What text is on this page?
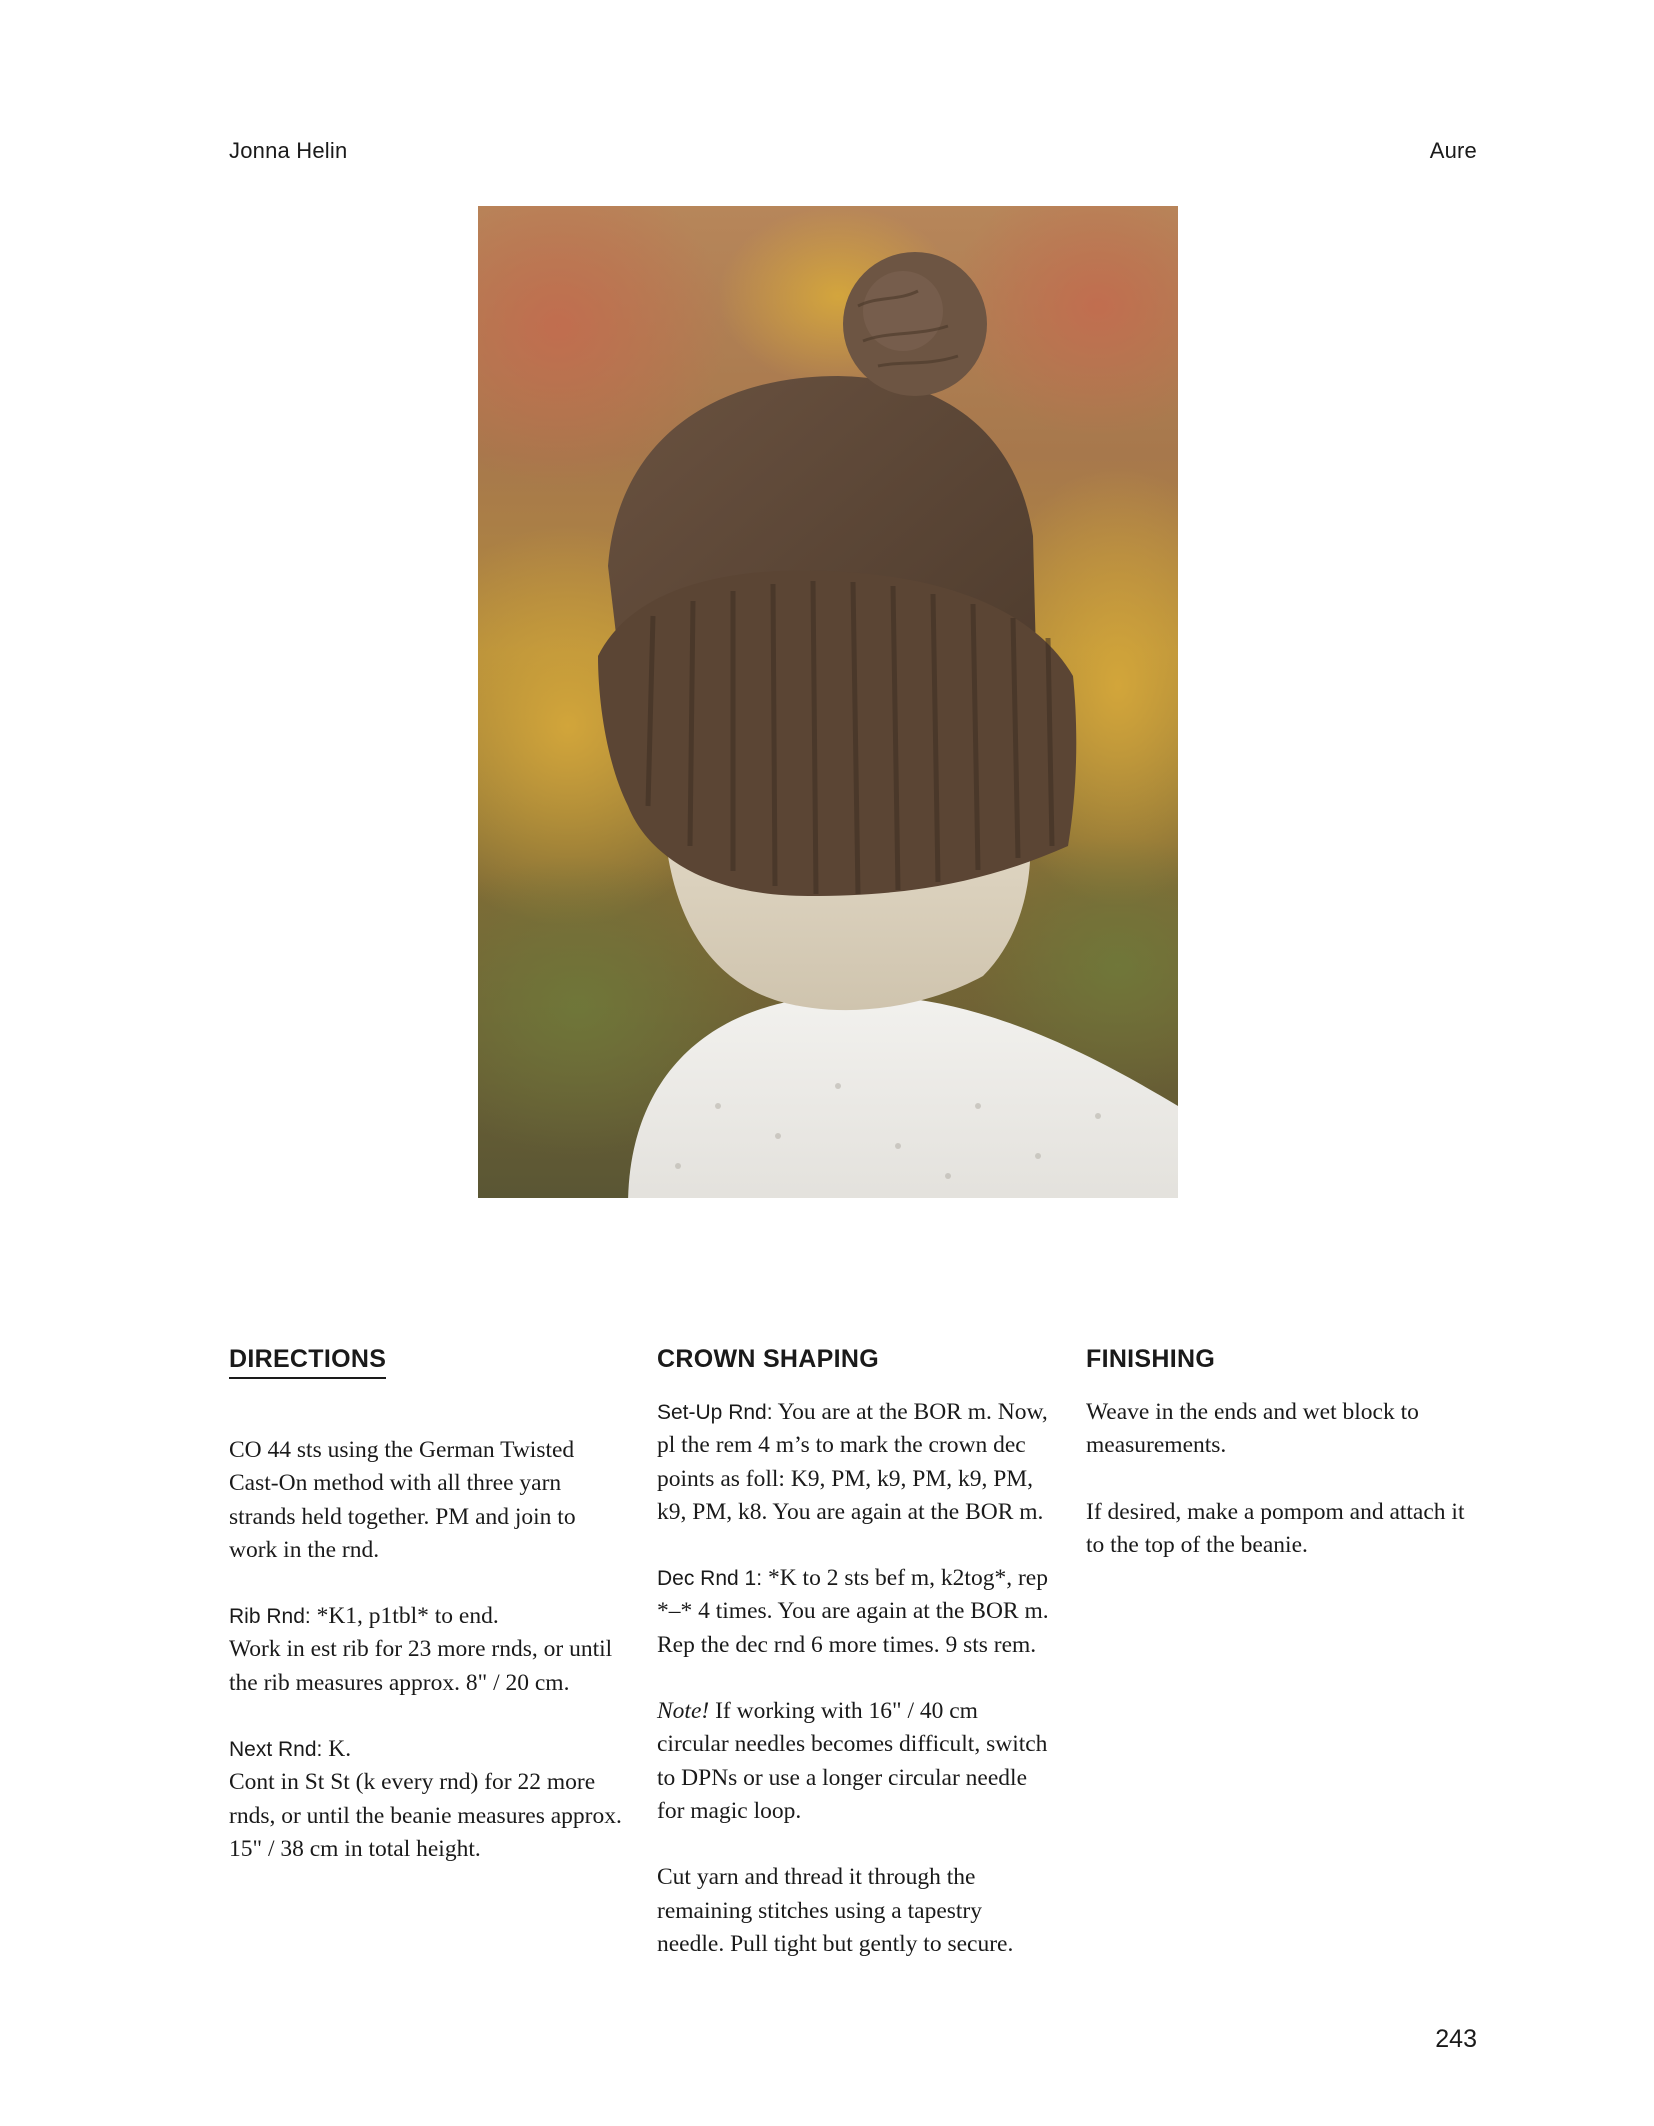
Jonna Helin	Aure
DIRECTIONS

CO 44 sts using the German Twisted Cast-On method with all three yarn strands held together. PM and join to work in the rnd.

Rib Rnd: *K1, p1tbl* to end.
Work in est rib for 23 more rnds, or until the rib measures approx. 8" / 20 cm.

Next Rnd: K.
Cont in St St (k every rnd) for 22 more rnds, or until the beanie measures approx. 15" / 38 cm in total height.

CROWN SHAPING

Set-Up Rnd: You are at the BOR m. Now, pl the rem 4 m’s to mark the crown dec points as foll: K9, PM, k9, PM, k9, PM, k9, PM, k8. You are again at the BOR m.

Dec Rnd 1: *K to 2 sts bef m, k2tog*, rep *–* 4 times. You are again at the BOR m. Rep the dec rnd 6 more times. 9 sts rem.

Note! If working with 16" / 40 cm circular needles becomes difficult, switch to DPNs or use a longer circular needle for magic loop.

Cut yarn and thread it through the remaining stitches using a tapestry needle. Pull tight but gently to secure.

FINISHING

Weave in the ends and wet block to measurements.

If desired, make a pompom and attach it to the top of the beanie.

243
